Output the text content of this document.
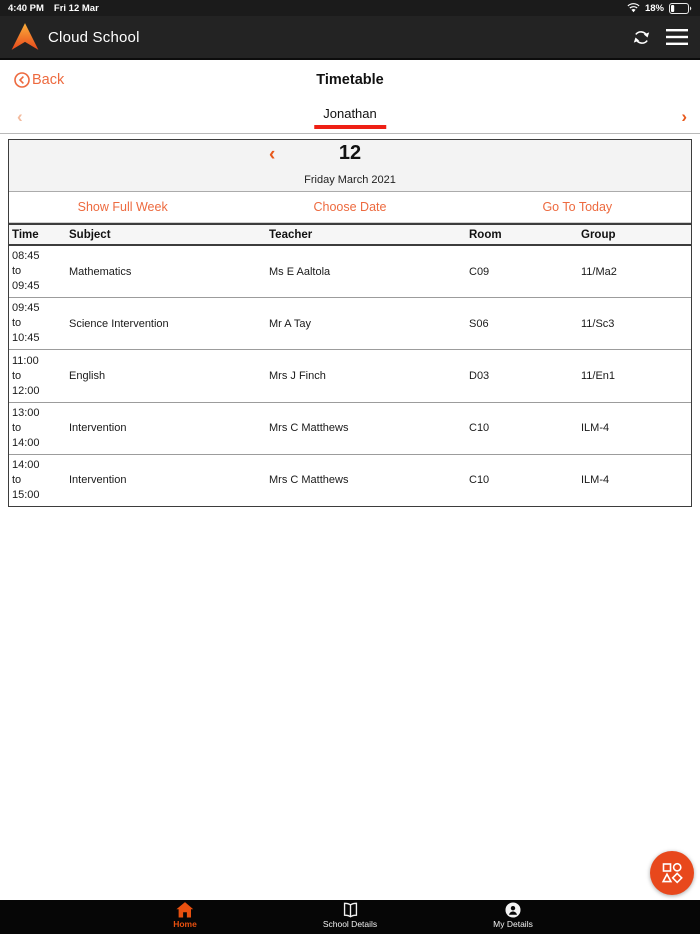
4:40 PM Fri 12 Mar	18%
Cloud School
Back	Timetable
‹	Jonathan	›
‹	12
Friday March 2021
Show Full Week	Choose Date	Go To Today
Time	Subject	Teacher	Room	Group
08:45
to
09:45
Mathematics	Ms E Aaltola	C09	11/Ma2
09:45
to
10:45
Science Intervention	Mr A Tay	S06	11/Sc3
11:00
to
12:00
English	Mrs J Finch	D03	11/En1
13:00
to
14:00
Intervention	Mrs C Matthews	C10	ILM-4
14:00
to
15:00
Intervention	Mrs C Matthews	C10	ILM-4
Home	School Details	My Details
